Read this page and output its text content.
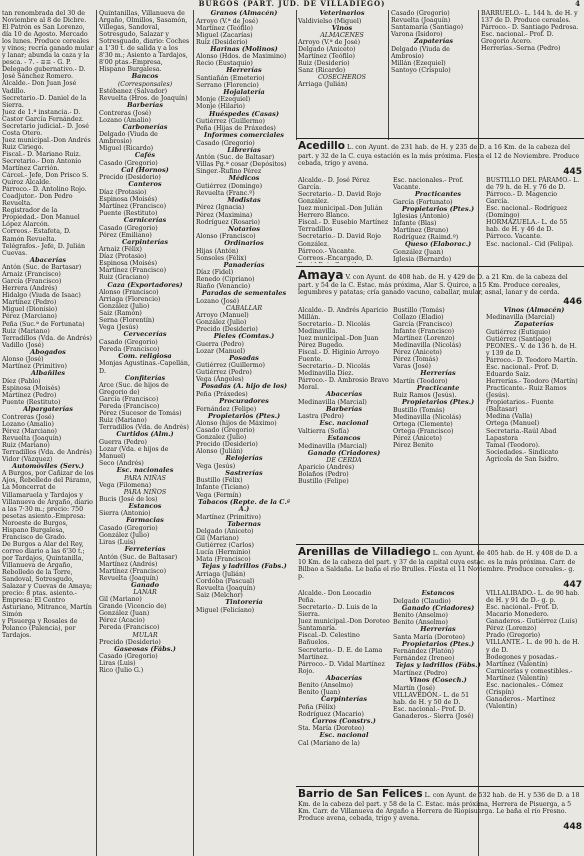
BURGOS (PART. JUD. DE VILLADIEGO)	4

tan renombrada del 30 de Noviembre al 8 de Dicbre. El Patrón es San Lorenzo, día 10 de Agosto. Mercado los lunes. Produce cereales y vinos; recría ganado mular y lanar; abunda la caza y la pesca. - 7. - ≡≡ - G. P.

Delegado gubernativo.- D. José Sánchez Romero.

Alcalde.- Don Juan José Vadillo.

Secretario.-D. Daniel de la Sierra.

Juez de 1.ª instancia.- D. Castor García Fernández.

Secretario judicial.- D. José Costa Otero.

Juez municipal.-Don Andrés Ruiz Ciriego.

Fiscal.- D. Mariano Ruiz.

Secretario.- Don Antonio Martínez Carrión.

Cárcel.- Jefe, Don Prisco S. Quiroz Alcalde.

Párroco.- D. Antolino Rojo.

Coadjutor.- Don Pedro Revuelta.

Registrador de la Propiedad.- Don Manuel López Alarcón.

Correos.- Estafeta, D. Ramón Revuelta.

Telégrafos.- Jefe, D. Julián Cuevas.

Abacerías

Antón (Suc. de Bartasar)

Arnaiz (Francisco)

García (Francisco)

Herrera (Andrés)

Hidalgo (Viuda de Isaac)

Martínez (Pedro)

Miguel (Dionisio)

Pérez (Marciano)

Peña (Suc.ª de Fortunata)

Ruiz (Mariano)

Terradillos (Vda. de Andrés)

Vadillo (José)

Abogados

Alonso (José)

Martínez (Primitivo)

Albañiles

Díez (Pablo)

Espinosa (Moisés)

Martínez (Pedro)

Puente (Restituto)

Alpargaterías

Contreras (José)

Lozano (Amalio)

Pérez (Marciano)

Revuelta (Joaquín)

Ruiz (Mariano)

Terradillos (Vda. de Andrés)

Vidor (Vázquez)

Automóviles (Serv.)

A Burgos, por Cañizar de los Ajos, Rebolledo del Páramo, La Moncerrat de Villamaruela y Tardajos y Villanueva de Argaño, diario a las 7·30 m.; precio: 750 pesetas asiento.-Empresa: Noroeste de Burgos, Hispano Burgalesa, Francisco de Grado.

De Burgos a Alar del Rey, correo diario a las 6'30 t.; por Tardajos, Quintanilla, Villanueva de Argaño, Rebolledo de la Torre, Sandoval, Sotresgudo, Salazar y Cuevas de Amaya; precio: 8 ptas. asiento.-Empresa: El Centro Asturiano, Mitrance, Martín Simón

y Pisuerga y Rosales de Polanco (Palencia), por Tardajos.

Quintanillas, Villanueva de Argaño, Olmillos, Sasamón, Villegas, Sandoval, Sotresgudo, Salazar y Sotresguado, diario: Coches a 1'30 t. de salida y a los 8'30 m.; Asiento a Tardajos, 8'00 ptas.-Empresa, Hispano Burgalesa.

Bancos

(Corresponsales)

Estébanez (Salvador)

Revuelta (Hros. de Joaquín)

Barberías

Contreras (José)

Lozano (Amalio)

Carbonerías

Delgado (Viuda de Ambrosio)

Miguel (Ricardo)

Cafés

Casado (Gregorio)

Cal (Hornos)

Precido (Desiderio)

Canteros

Díaz (Protasio)

Espinosa (Moisés)

Martínez (Francisco)

Puente (Restituto)

Carnicerías

Casado (Gregorio)

Pérez (Emiliano)

Carpinterías

Arnaiz (Félix)

Díaz (Protasio)

Espinosa (Moisés)

Martínez (Francisco)

Ruiz (Graciano)

Caza (Exportadores)

Alonso (Francisco)

Arriaga (Florencio)

González (Julio)

Saiz (Ramón)

Serna (Florentín)

Vega (Jesús)

Cervecerías

Casado (Gregorio)

Pereda (Francisco)

Com. religiosa

Monjas Agustinas.-Capellán, D.

Confiterías

Arce (Suc. de hijos de Gregorio de)

García (Francisco)

Pereda (Francisco)

Pérez (Sucesor de Tomás)

Ruiz (Mariano)

Terradillos (Vda. de Andrés)

Curtidos (Alm.)

Guerra (Pedro)

Lozar (Vda. e hijos de Manuel)

Seco (Andrés)

Esc. nacionales

PARA NIÑAS

Vega (Filomena)

PARA NIÑOS

Bucis (José de los)

Estancos

Sierra (Antonio)

Farmacias

Casado (Gregorio)

González (Julio)

Liras (Luis)

Ferreterías

Antón (Suc. de Baltasar)

Martínez (Andrés)

Martínez (Francisco)

Revuelta (Joaquín)

Ganado

LANAR

Gil (Mariano)

Grande (Vicencio de)

González (Juan)

Pérez (Acacio)

Pereda (Francisco)

MULAR

Precido (Desiderio)

Gaseosas (Fábs.)

Casado (Gregorio)

Liras (Luis)

Rico (Julio G.)

Granos (Almacén)

Arroyo (V.ª de José)

Martínez (Teófilo)

Miguel (Zacarías)

Ruiz (Desiderio)

Harinas (Molinos)

Alonso (Hdos. de Maximino)

Recio (Eustaquio)

Herrerías

Santiañán (Emeterio)

Serrano (Florencio)

Hojalatería

Monje (Ezequiel)

Monje (Hilario)

Huéspedes (Casas)

Gutiérrez (Guillermo)

Peña (Hijas de Práxedes)

Informes comerciales

Casado (Gregorio)

Librerías

Antón (Suc. de Baltasar)

Villas Pg.ª cosar (Depósitos)

Singer.-Rufino Pérez

Médicos

Gutiérrez (Domingo)

Revuelta (Franc.º)

Modistas

Pérez (Ignacia)

Pérez (Maximina)

Rodríguez (Rosario)

Notarios

Alonso (Francisco)

Ordinarios

Hijas (Antón)

Sonsoles (Félix)

Panaderías

Díaz (Fidel)

Renedo (Cipriano)

Riaño (Venancio)

Paradas de sementales

Lozano (José)

CABALLAR

Arroyo (Manuel)

González (Julio)

Precido (Desiderio)

Pieles (Comtas.)

Guerra (Pedro)

Lozar (Manuel)

Posadas

Gutiérrez (Guillermo)

Gutiérrez (Pedro)

Vega (Ángeles)

Posadas (A. hijo de los)

Peña (Práxedes)

Procuradores

Fernández (Felipe)

Propietarios (Ptes.)

Alonso (hijos de Máximo)

Casado (Gregorio)

Gonzalez (Julio)

Precido (Desiderio)

Alonso (Julián)

Relojerías

Vega (Jesús)

Sastrerías

Bustillo (Félix)

Infante (Ticiano)

Vega (Fermín)

Tabacos (Repte. de la C.ª A.)

Martínez (Primitivo)

Tabernas

Delgado (Aniceto)

Gil (Mariano)

Gutiérrez (Carlos)

Lucía (Herminio)

Mata (Francisco)

Tejas y ladrillos (Fabs.)

Arriaga (Julián)

Cordoba (Pascual)

Revuelta (Joaquín)

Saiz (Melchor)

Tintorería

Miguel (Felicíano)

Veterinarios

Valdivielso (Miguel)

Vinos

ALMACENES

Arroyo (V.ª de José)

Delgado (Aniceto)

Martínez (Teófilo)

Ruiz (Desiderio)

Sanz (Ricardo)

COSECHEROS

Arriaga (Julián)

Casado (Gregorio)

Revuelta (Joaquín)

Santamaría (Santiago)

Varona (Isidoro)

Zapaterías

Delgado (Viuda de Ambrosio)

Millán (Ezequiel)

Santoyo (Crispulo)

BARRUELO.- L. 144 h. de H. y 137 de D. Produce cereales.

Párroco.- D. Santiago Pedrosa.

Esc. nacional.- Prof. D. Gregorio Acero.

Herrerías.-Serna (Pedro)

Acedillo L. con Ayunt. de 231 hab. de H. y 235 de D. a 16 Km. de la cabeza del part. y 32 de la C. cuya estación es la más próxima. Fiesta el 12 de Noviembre. Produce cebada, trigo y avena.

445

Alcalde.- D. José Pérez García.

Secretario.- D. David Rojo González.

Juez municipal.-Don Julián Herrero Blanco.

Fiscal.- D. Eusebio Martínez Terradillos

Secretario.- D. David Rojo González.

Párroco.- Vacante.

Correos.-Encargado, D.

Esc. nacionales.- Prof. Vacante.

Practicantes

García (Fortunato)

Propietarios (Ptes.)

Iglesias (Antonio)

Infante (Blas)

Martínez (Bruno)

Rodríguez (Raimd.º)

Queso (Elaborac.)

González (Juan)

Iglesia (Bernardo)

BUSTILLO DEL PÁRAMO.- L. de 79 h. de H. y 76 de D.

Párroco.- D. Magencio García.

Esc. nacional.- Rodríguez (Domingo)

HORMAZUELA.- L. de 55 hab. de H. y 46 de D.

Párroco. Vacante.

Esc. nacional.- Cid (Felipa).

Amaya V. con Ayunt. de 408 hab. de H. y 429 de D. a 21 Km. de la cabeza del part. y 54 de la C. Estac. más próxima, Alar S. Quirce, a 15 Km. Produce cereales, legumbres y patatas; cría ganado vacuno, caballar, mular, asnal, lanar y de cerda.

446

Alcalde.- D. Andrés Aparicio Millán.

Secretario.- D. Nicolás Medinavilla.

Juez municipal.-Don Juan Pérez Bugedo.

Fiscal.- D. Higinio Arroyo Fuente.

Secretario.- D. Nicolás Medinavilla Díez.

Párroco.- D. Ambrosio Bravo Moral.

Abacerías

Medinavilla (Marcial)

Barberías

Lastra (Pedro)

Esc. nacional

Valtierra (Sofía)

Estancos

Medinavilla (Marcial)

Ganado (Criadores)

DE CERDA

Aparicio (Andrés)

Bolaños (Pedro)

Bustillo (Felipe)

Bustillo (Tomás)

Collazo (Eladio)

García (Francisco)

Infante (Francisco)

Martínez (Lorenzo)

Medinavilla (Nicolás)

Pérez (Aniceto)

Pérez (Tomás)

Varas (José)

Herrerías

Martín (Teodoro)

Practicante

Ruiz Ramos (Jesús).

Propietarios (Ptes.)

Bustillo (Tomás)

Medinavilla (Nicolás)

Ortega (Clemente)

Ortega (Francisco)

Pérez (Aniceto)

Pérez Benito

Vinos (Almacén)

Medinavilla (Marcial)

Zapaterías

Gutiérrez (Eutiquio)

Gutiérrez (Santiago)

PEONES.- V. de 136 h. de H. y 139 de D.

Párroco.- D. Teodoro Martín.

Esc. nacional.- Prof. D. Eduardo Saiz.

Herrerías.- Teodoro (Martín)

Practicante.- Ruiz Ramos (Jesús).

Propietarios.- Fuente (Baltasar)

Medina (Valla)

Ortega (Manuel)

Secretaria.-Raúl Abad Lapastora

Tamal (Teodoro).

Sociedades.- Sindicato Agrícola de San Isidro.

Arenillas de Villadiego L. con Ayunt. de 405 hab. de H. y 408 de D. a 10 Km. de la cabeza del part. y 37 de la capital cuya estac. es la más próxima. Carr. de Bilbao a Saldaña. Le baña el río Brulles. Fiesta el 11 Noviembre. Produce cereales.- g. p.

447

Alcalde.- Don Leocadio Peña.

Secretario.- D. Luis de la Sierra.

Juez municipal.-Don Doroteo Santamaría.

Fiscal.-D. Celestino Bañuelos.

Secretario.- D. E. de Lama Martínez.

Párroco.- D. Vidal Martínez Rojo.

Abacerías

Benito (Anselmo)

Benito (Juan)

Carpinterías

Peña (Félix)

Rodríguez (Macario)

Carros (Constrs.)

Sta. María (Doroteo)

Esc. nacional

Cal (Mariano de la)

Estancos

Delgado (Claudio)

Ganado (Criadores)

Benito (Anselmo)

Benito (Anselmo)

Herrerías

Santa María (Doroteo)

Propietarios (Ptes.)

Fernández (Platón)

Fernández (Ireneo)

Tejas y ladrillos (Fábs.)

Martínez (Pedro)

Vinos (Cosech.)

Martín (José)

VILLAVEDÓN.- L. de 51 hab. de H. y 50 de D.

Esc. nacional.- Prof. D.

Ganaderos.- Sierra (José)

VILLALIBADO.- L. de 90 hab. de H. y 91 de D.- g. p.

Esc. nacional.- Prof. D. Macario Monedero.

Ganaderos.- Gutiérrez (Luis)

Pérez (Lorenzo)

Prado (Gregorio)

VILLANTE.- L. de 90 h. de H. y de D.

Bodegones y posadas.- Martínez (Valentín)

Carnicerías y comestibles.- Martínez (Valentín)

Esc. nacionales.- Cómez (Crispín)

Ganaderos.- Martínez (Valentín)

Barrio de San Felices L. con Ayunt. de 532 hab. de H. y 536 de D. a 18 Km. de la cabeza del part. y 58 de la C. Estac. más próxima, Herrera de Pisuerga, a 5 Km. Carr. de Villanueva de Argaño a Herrera de Riopisuerga. Le baña el río Fresno. Produce avena, cebada, trigo y avena.

448
